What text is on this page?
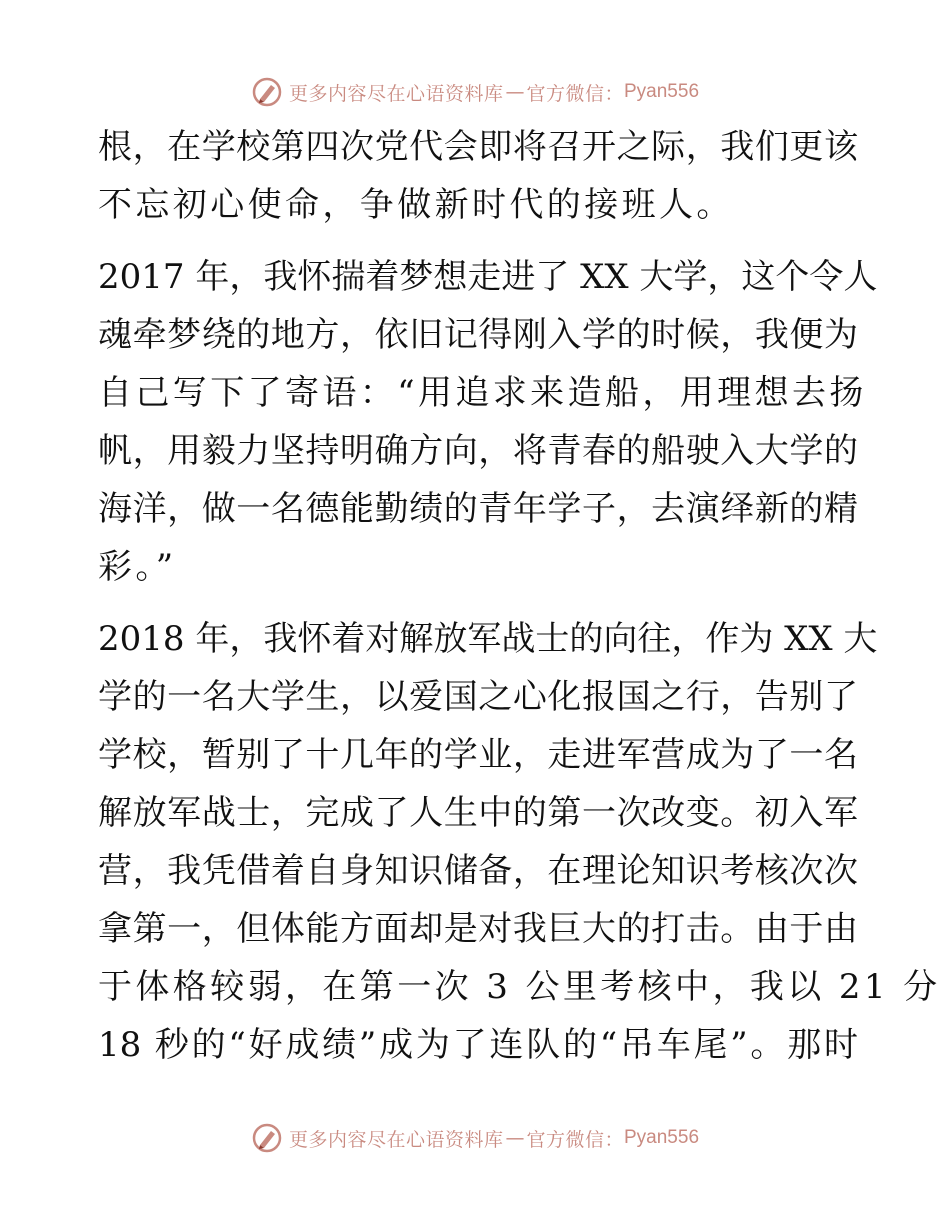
更多内容尽在心语资料库 — 官方微信： Pyan556
根，在学校第四次党代会即将召开之际，我们更该
不忘初心使命，争做新时代的接班人。
2017 年，我怀揣着梦想走进了 XX 大学，这个令人
魂牵梦绕的地方，依旧记得刚入学的时候，我便为
自己写下了寄语：“用追求来造船，用理想去扬
帆，用毅力坚持明确方向，将青春的船驶入大学的
海洋，做一名德能勤绩的青年学子，去演绎新的精
彩。”
2018 年，我怀着对解放军战士的向往，作为 XX 大
学的一名大学生，以爱国之心化报国之行，告别了
学校，暂别了十几年的学业，走进军营成为了一名
解放军战士，完成了人生中的第一次改变。初入军
营，我凭借着自身知识储备，在理论知识考核次次
拿第一，但体能方面却是对我巨大的打击。由于由
于体格较弱，在第一次 3 公里考核中，我以 21 分
18 秒的“好成绩”成为了连队的“吊车尾”。那时
更多内容尽在心语资料库 — 官方微信： Pyan556
